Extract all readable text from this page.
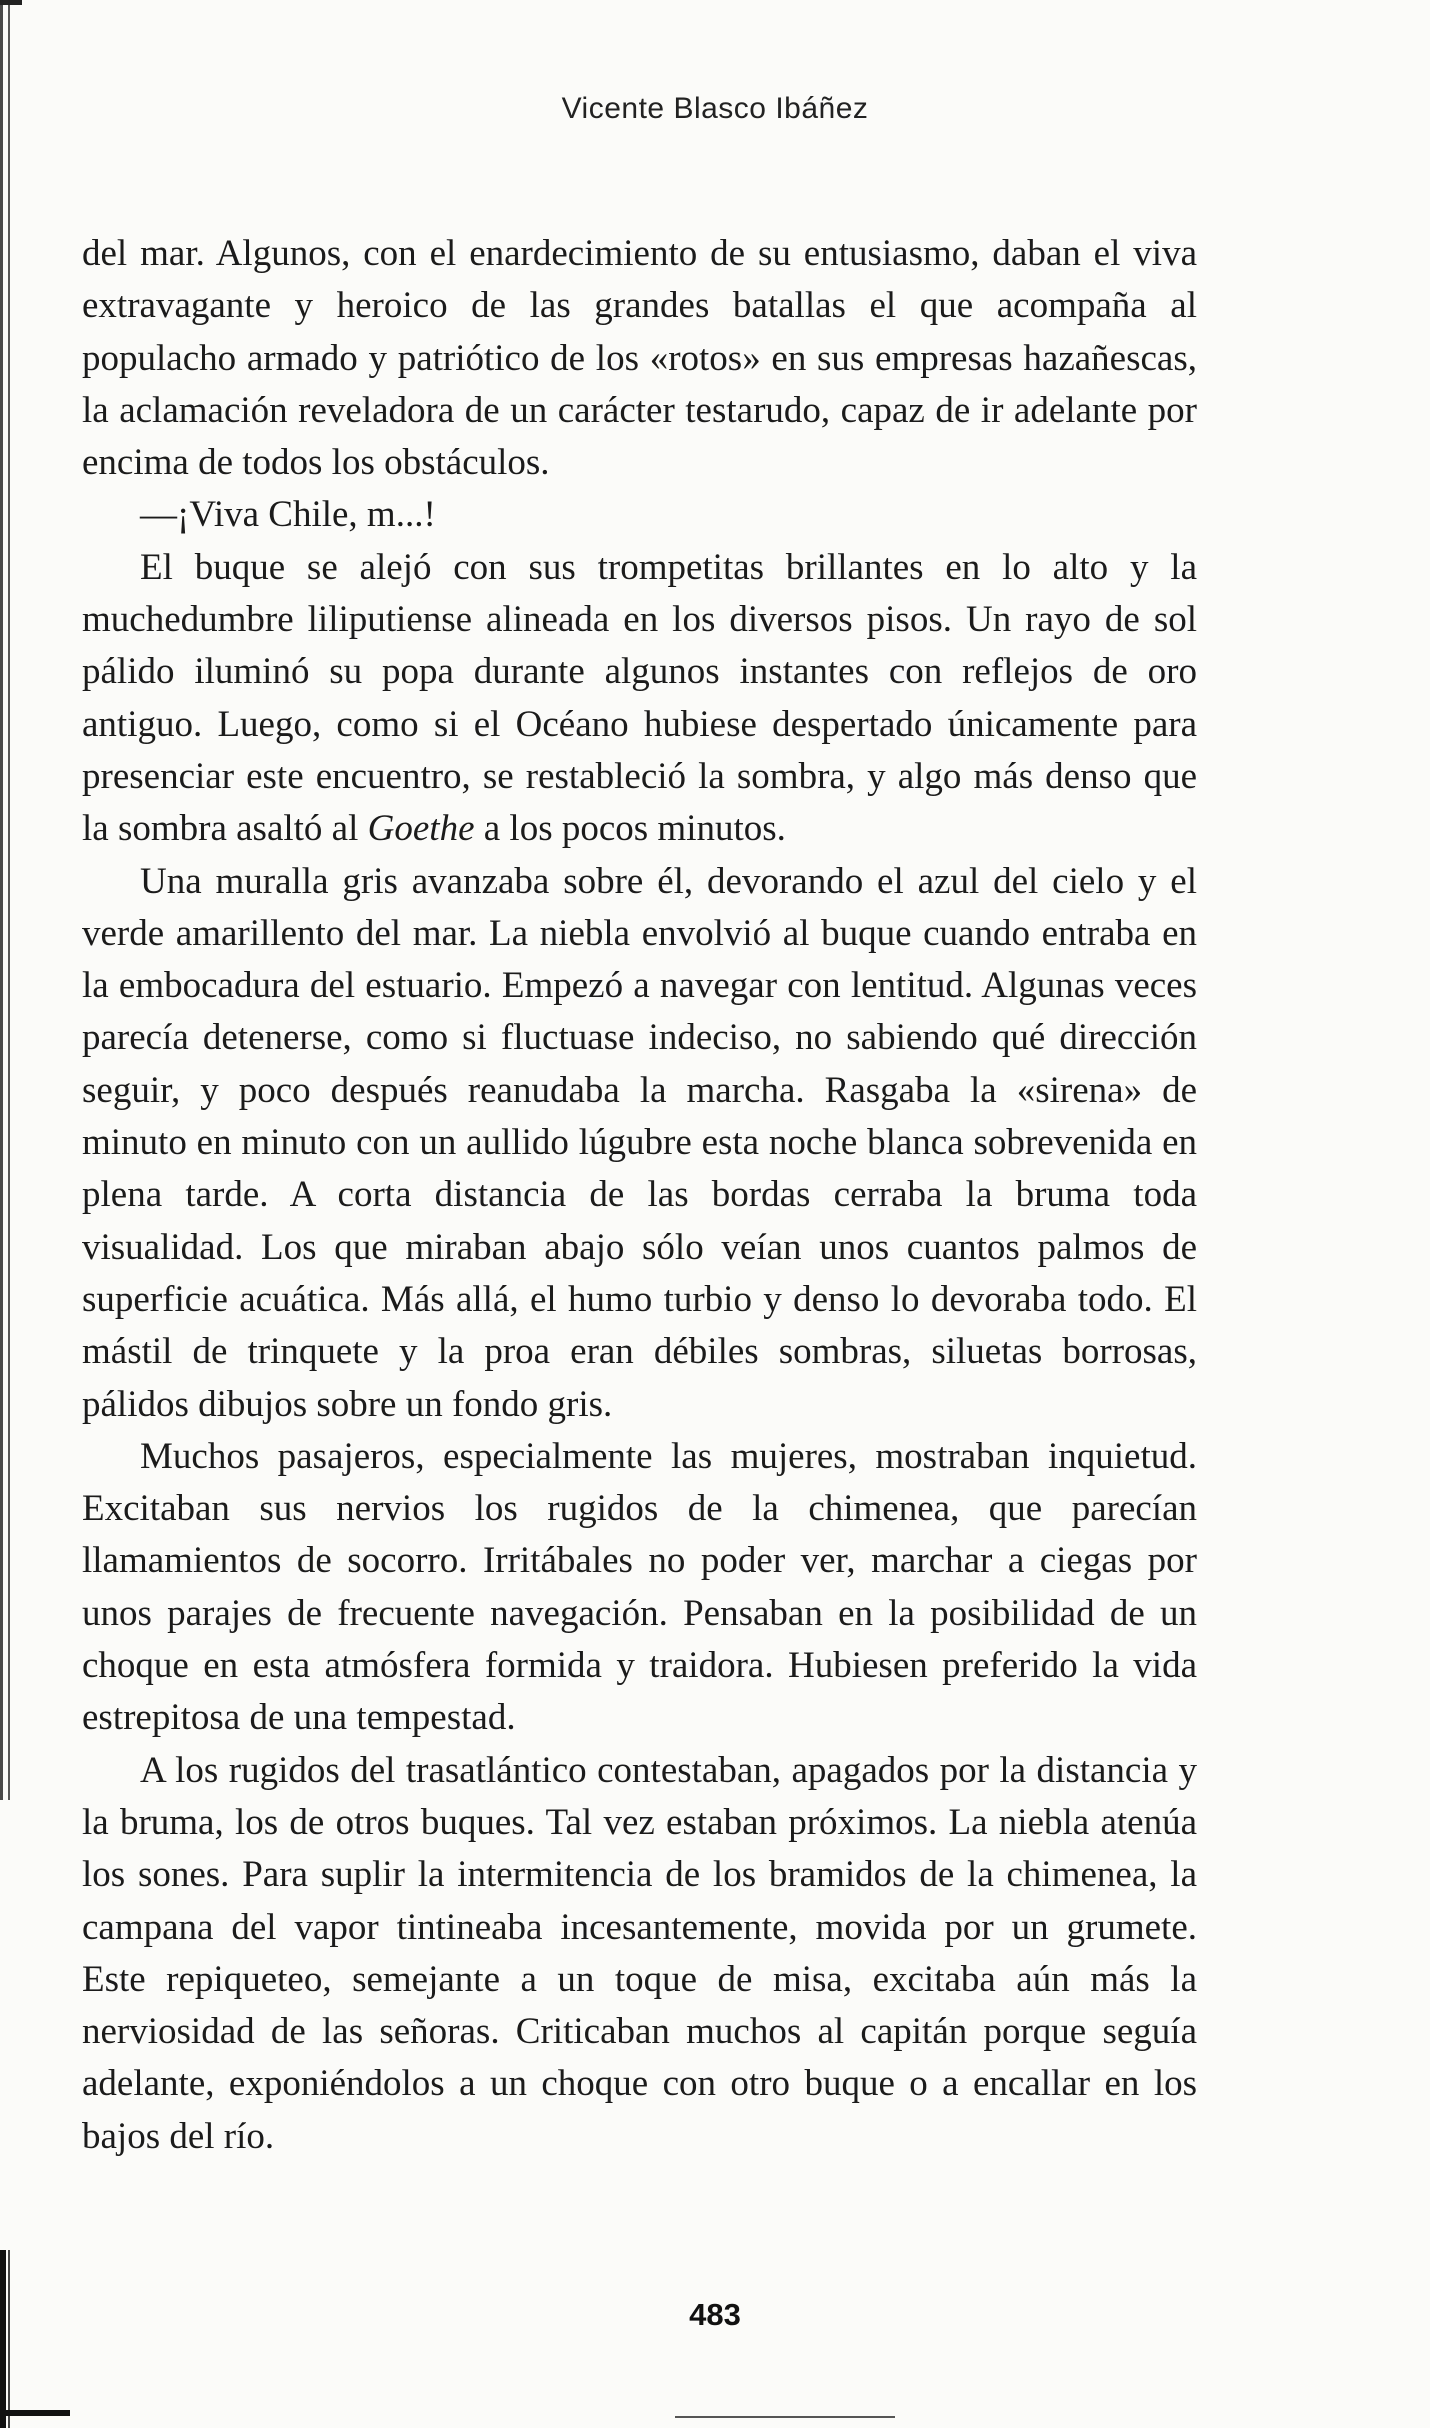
Vicente Blasco Ibáñez

del mar. Algunos, con el enardecimiento de su entusiasmo, daban el viva extravagante y heroico de las grandes batallas el que acompaña al populacho armado y patriótico de los «rotos» en sus empresas hazañescas, la aclamación reveladora de un carácter testarudo, capaz de ir adelante por encima de todos los obstáculos.

—¡Viva Chile, m...!

El buque se alejó con sus trompetitas brillantes en lo alto y la muchedumbre liliputiense alineada en los diversos pisos. Un rayo de sol pálido iluminó su popa durante algunos instantes con reflejos de oro antiguo. Luego, como si el Océano hubiese despertado únicamente para presenciar este encuentro, se restableció la sombra, y algo más denso que la sombra asaltó al Goethe a los pocos minutos.

Una muralla gris avanzaba sobre él, devorando el azul del cielo y el verde amarillento del mar. La niebla envolvió al buque cuando entraba en la embocadura del estuario. Empezó a navegar con lentitud. Algunas veces parecía detenerse, como si fluctuase indeciso, no sabiendo qué dirección seguir, y poco después reanudaba la marcha. Rasgaba la «sirena» de minuto en minuto con un aullido lúgubre esta noche blanca sobrevenida en plena tarde. A corta distancia de las bordas cerraba la bruma toda visualidad. Los que miraban abajo sólo veían unos cuantos palmos de superficie acuática. Más allá, el humo turbio y denso lo devoraba todo. El mástil de trinquete y la proa eran débiles sombras, siluetas borrosas, pálidos dibujos sobre un fondo gris.

Muchos pasajeros, especialmente las mujeres, mostraban inquietud. Excitaban sus nervios los rugidos de la chimenea, que parecían llamamientos de socorro. Irritábales no poder ver, marchar a ciegas por unos parajes de frecuente navegación. Pensaban en la posibilidad de un choque en esta atmósfera formida y traidora. Hubiesen preferido la vida estrepitosa de una tempestad.

A los rugidos del trasatlántico contestaban, apagados por la distancia y la bruma, los de otros buques. Tal vez estaban próximos. La niebla atenúa los sones. Para suplir la intermitencia de los bramidos de la chimenea, la campana del vapor tintineaba incesantemente, movida por un grumete. Este repiqueteo, semejante a un toque de misa, excitaba aún más la nerviosidad de las señoras. Criticaban muchos al capitán porque seguía adelante, exponiéndolos a un choque con otro buque o a encallar en los bajos del río.

483
